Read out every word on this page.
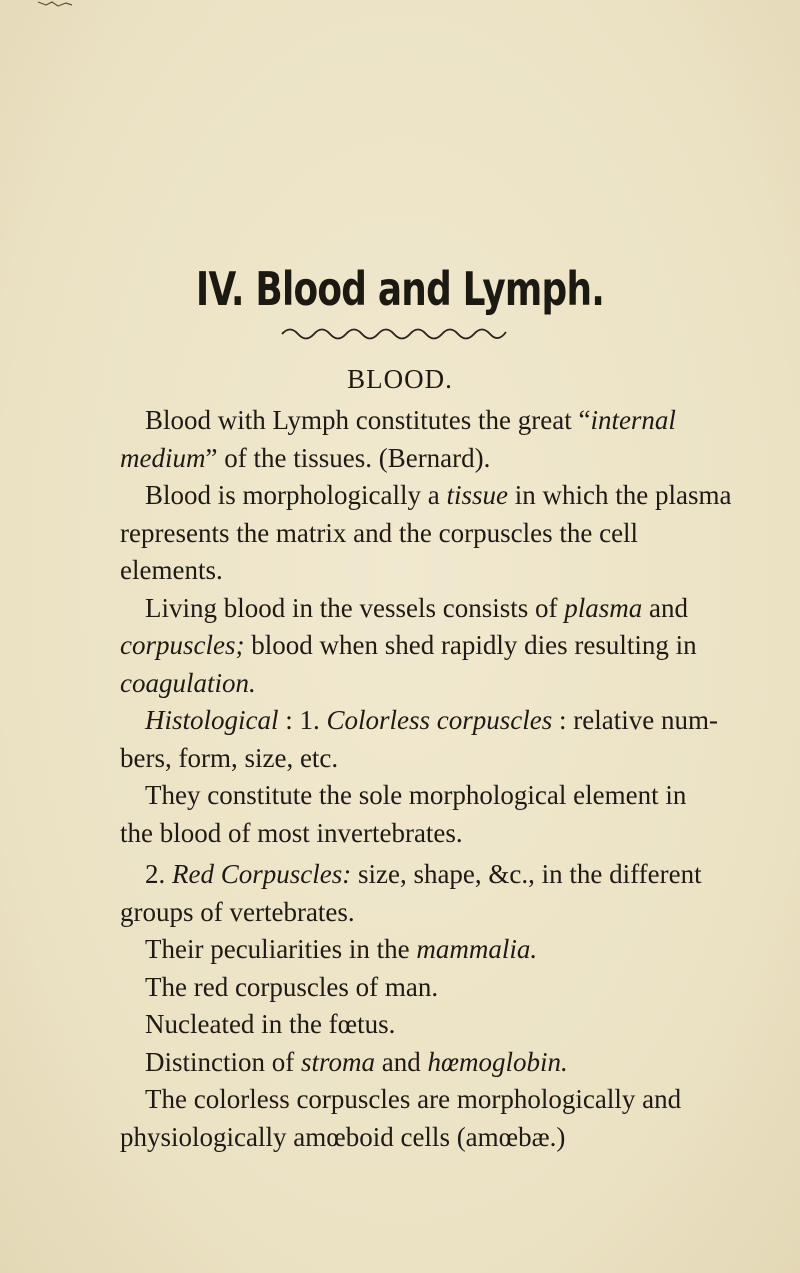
IV. Blood and Lymph.
BLOOD.
Blood with Lymph constitutes the great “internal
medium” of the tissues. (Bernard).
Blood is morphologically a tissue in which the plasma
represents the matrix and the corpuscles the cell
elements.
Living blood in the vessels consists of plasma and
corpuscles; blood when shed rapidly dies resulting in
coagulation.
Histological : 1. Colorless corpuscles : relative num-
bers, form, size, etc.
They constitute the sole morphological element in
the blood of most invertebrates.
2. Red Corpuscles: size, shape, &c., in the different
groups of vertebrates.
Their peculiarities in the mammalia.
The red corpuscles of man.
Nucleated in the fœtus.
Distinction of stroma and hœmoglobin.
The colorless corpuscles are morphologically and
physiologically amœboid cells (amœbæ.)
